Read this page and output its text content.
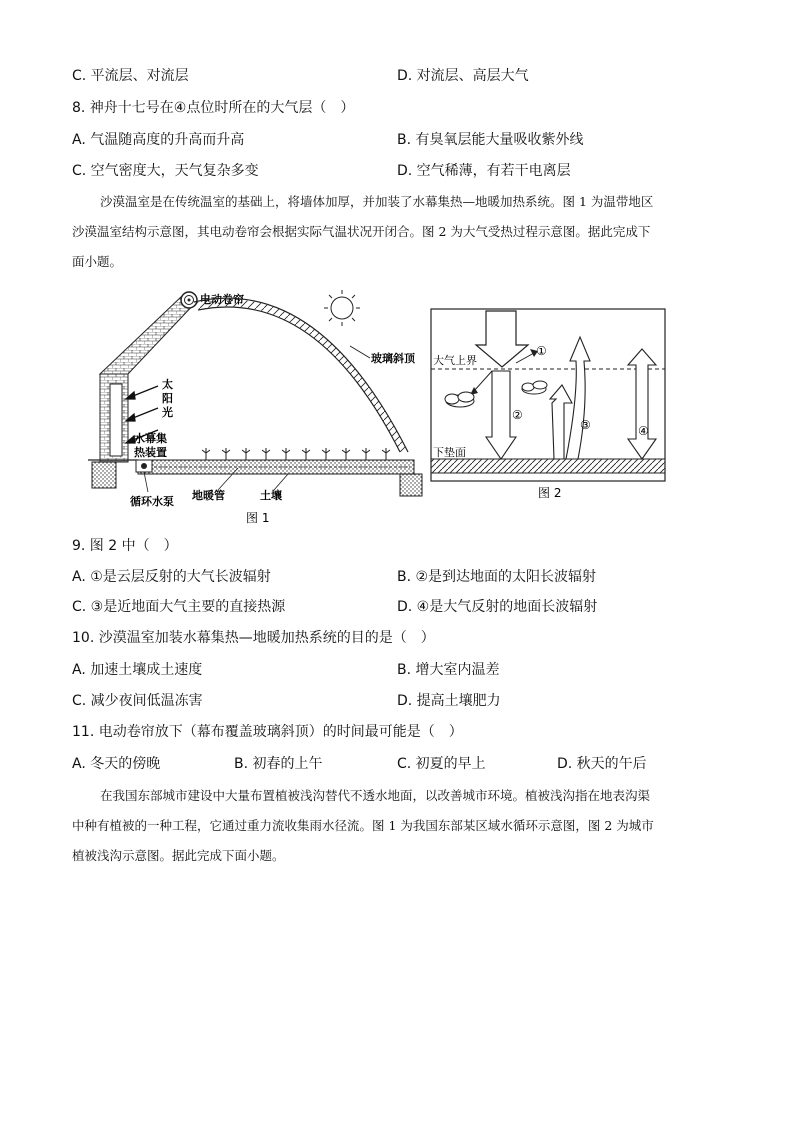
C. 平流层、对流层	D. 对流层、高层大气
8. 神舟十七号在④点位时所在的大气层（　）
A. 气温随高度的升高而升高	B. 有臭氧层能大量吸收紫外线
C. 空气密度大，天气复杂多变	D. 空气稀薄，有若干电离层
沙漠温室是在传统温室的基础上，将墙体加厚，并加装了水幕集热—地暖加热系统。图 1 为温带地区
沙漠温室结构示意图，其电动卷帘会根据实际气温状况开闭合。图 2 为大气受热过程示意图。据此完成下
面小题。
电动卷帘
玻璃斜顶
太
阳
光
水幕集
热装置
循环水泵 地暖管	土壤
图 1
大气上界
下垫面
①
②
③	④
图 2
9. 图 2 中（　）
A. ①是云层反射的大气长波辐射	B. ②是到达地面的太阳长波辐射
C. ③是近地面大气主要的直接热源	D. ④是大气反射的地面长波辐射
10. 沙漠温室加装水幕集热—地暖加热系统的目的是（　）
A. 加速土壤成土速度	B. 增大室内温差
C. 减少夜间低温冻害	D. 提高土壤肥力
11. 电动卷帘放下（幕布覆盖玻璃斜顶）的时间最可能是（　）
A. 冬天的傍晚	B. 初春的上午	C. 初夏的早上	D. 秋天的午后
在我国东部城市建设中大量布置植被浅沟替代不透水地面，以改善城市环境。植被浅沟指在地表沟渠
中种有植被的一种工程，它通过重力流收集雨水径流。图 1 为我国东部某区域水循环示意图，图 2 为城市
植被浅沟示意图。据此完成下面小题。
